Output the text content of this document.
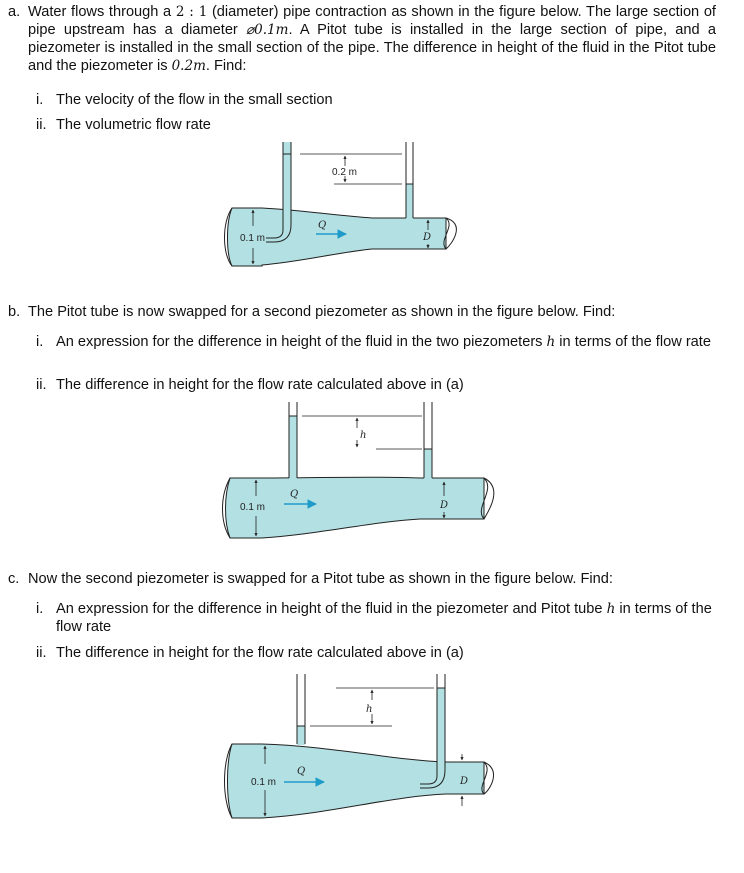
a. Water flows through a 2 : 1 (diameter) pipe contraction as shown in the figure below. The large section of pipe upstream has a diameter ⌀0.1m. A Pitot tube is installed in the large section of pipe, and a piezometer is installed in the small section of the pipe. The difference in height of the fluid in the Pitot tube and the piezometer is 0.2m. Find:
i. The velocity of the flow in the small section
ii. The volumetric flow rate
0.2 m
0.1 m
Q
D
b. The Pitot tube is now swapped for a second piezometer as shown in the figure below. Find:
i. An expression for the difference in height of the fluid in the two piezometers h in terms of the flow rate
ii. The difference in height for the flow rate calculated above in (a)
h
0.1 m
Q
D
c. Now the second piezometer is swapped for a Pitot tube as shown in the figure below. Find:
i. An expression for the difference in height of the fluid in the piezometer and Pitot tube h in terms of the flow rate
ii. The difference in height for the flow rate calculated above in (a)
h
0.1 m
Q
D
